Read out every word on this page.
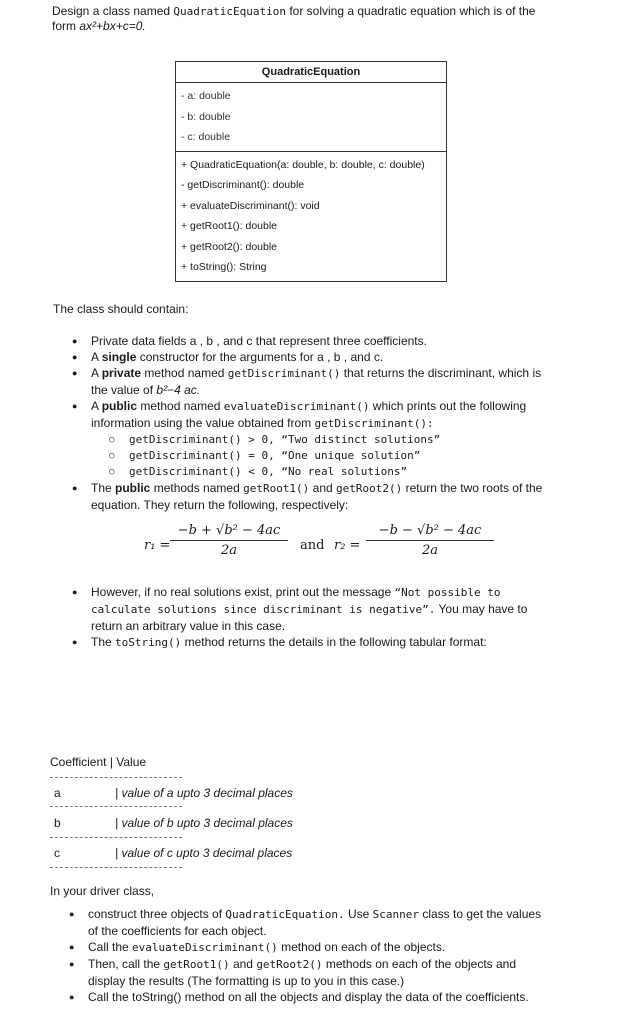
Design a class named QuadraticEquation for solving a quadratic equation which is of the form ax²+bx+c=0.
QuadraticEquation
- a: double
- b: double
- c: double
+ QuadraticEquation(a: double, b: double, c: double)
- getDiscriminant(): double
+ evaluateDiscriminant(): void
+ getRoot1(): double
+ getRoot2(): double
+ toString(): String
The class should contain:
● Private data fields a , b , and c that represent three coefficients.
● A single constructor for the arguments for a , b , and c.
● A private method named getDiscriminant() that returns the discriminant, which is the value of b²−4 ac.
● A public method named evaluateDiscriminant() which prints out the following information using the value obtained from getDiscriminant():
○ getDiscriminant() > 0, “Two distinct solutions”
○ getDiscriminant() = 0, “One unique solution”
○ getDiscriminant() < 0, “No real solutions”
● The public methods named getRoot1() and getRoot2() return the two roots of the equation. They return the following, respectively:
$r_1 = \frac{\text{−b + √b² − 4ac}}{2a}$ and $r_2 = \frac{\text{−b − √b² − 4ac}}{2a}$
● However, if no real solutions exist, print out the message “Not possible to calculate solutions since discriminant is negative”. You may have to return an arbitrary value in this case.
● The toString() method returns the details in the following tabular format:
Coefficient | Value
a	| value of a upto 3 decimal places
b	| value of b upto 3 decimal places
c	| value of c upto 3 decimal places
In your driver class,
● construct three objects of QuadraticEquation. Use Scanner class to get the values of the coefficients for each object.
● Call the evaluateDiscriminant() method on each of the objects.
● Then, call the getRoot1() and getRoot2() methods on each of the objects and display the results (The formatting is up to you in this case.)
● Call the toString() method on all the objects and display the data of the coefficients.
